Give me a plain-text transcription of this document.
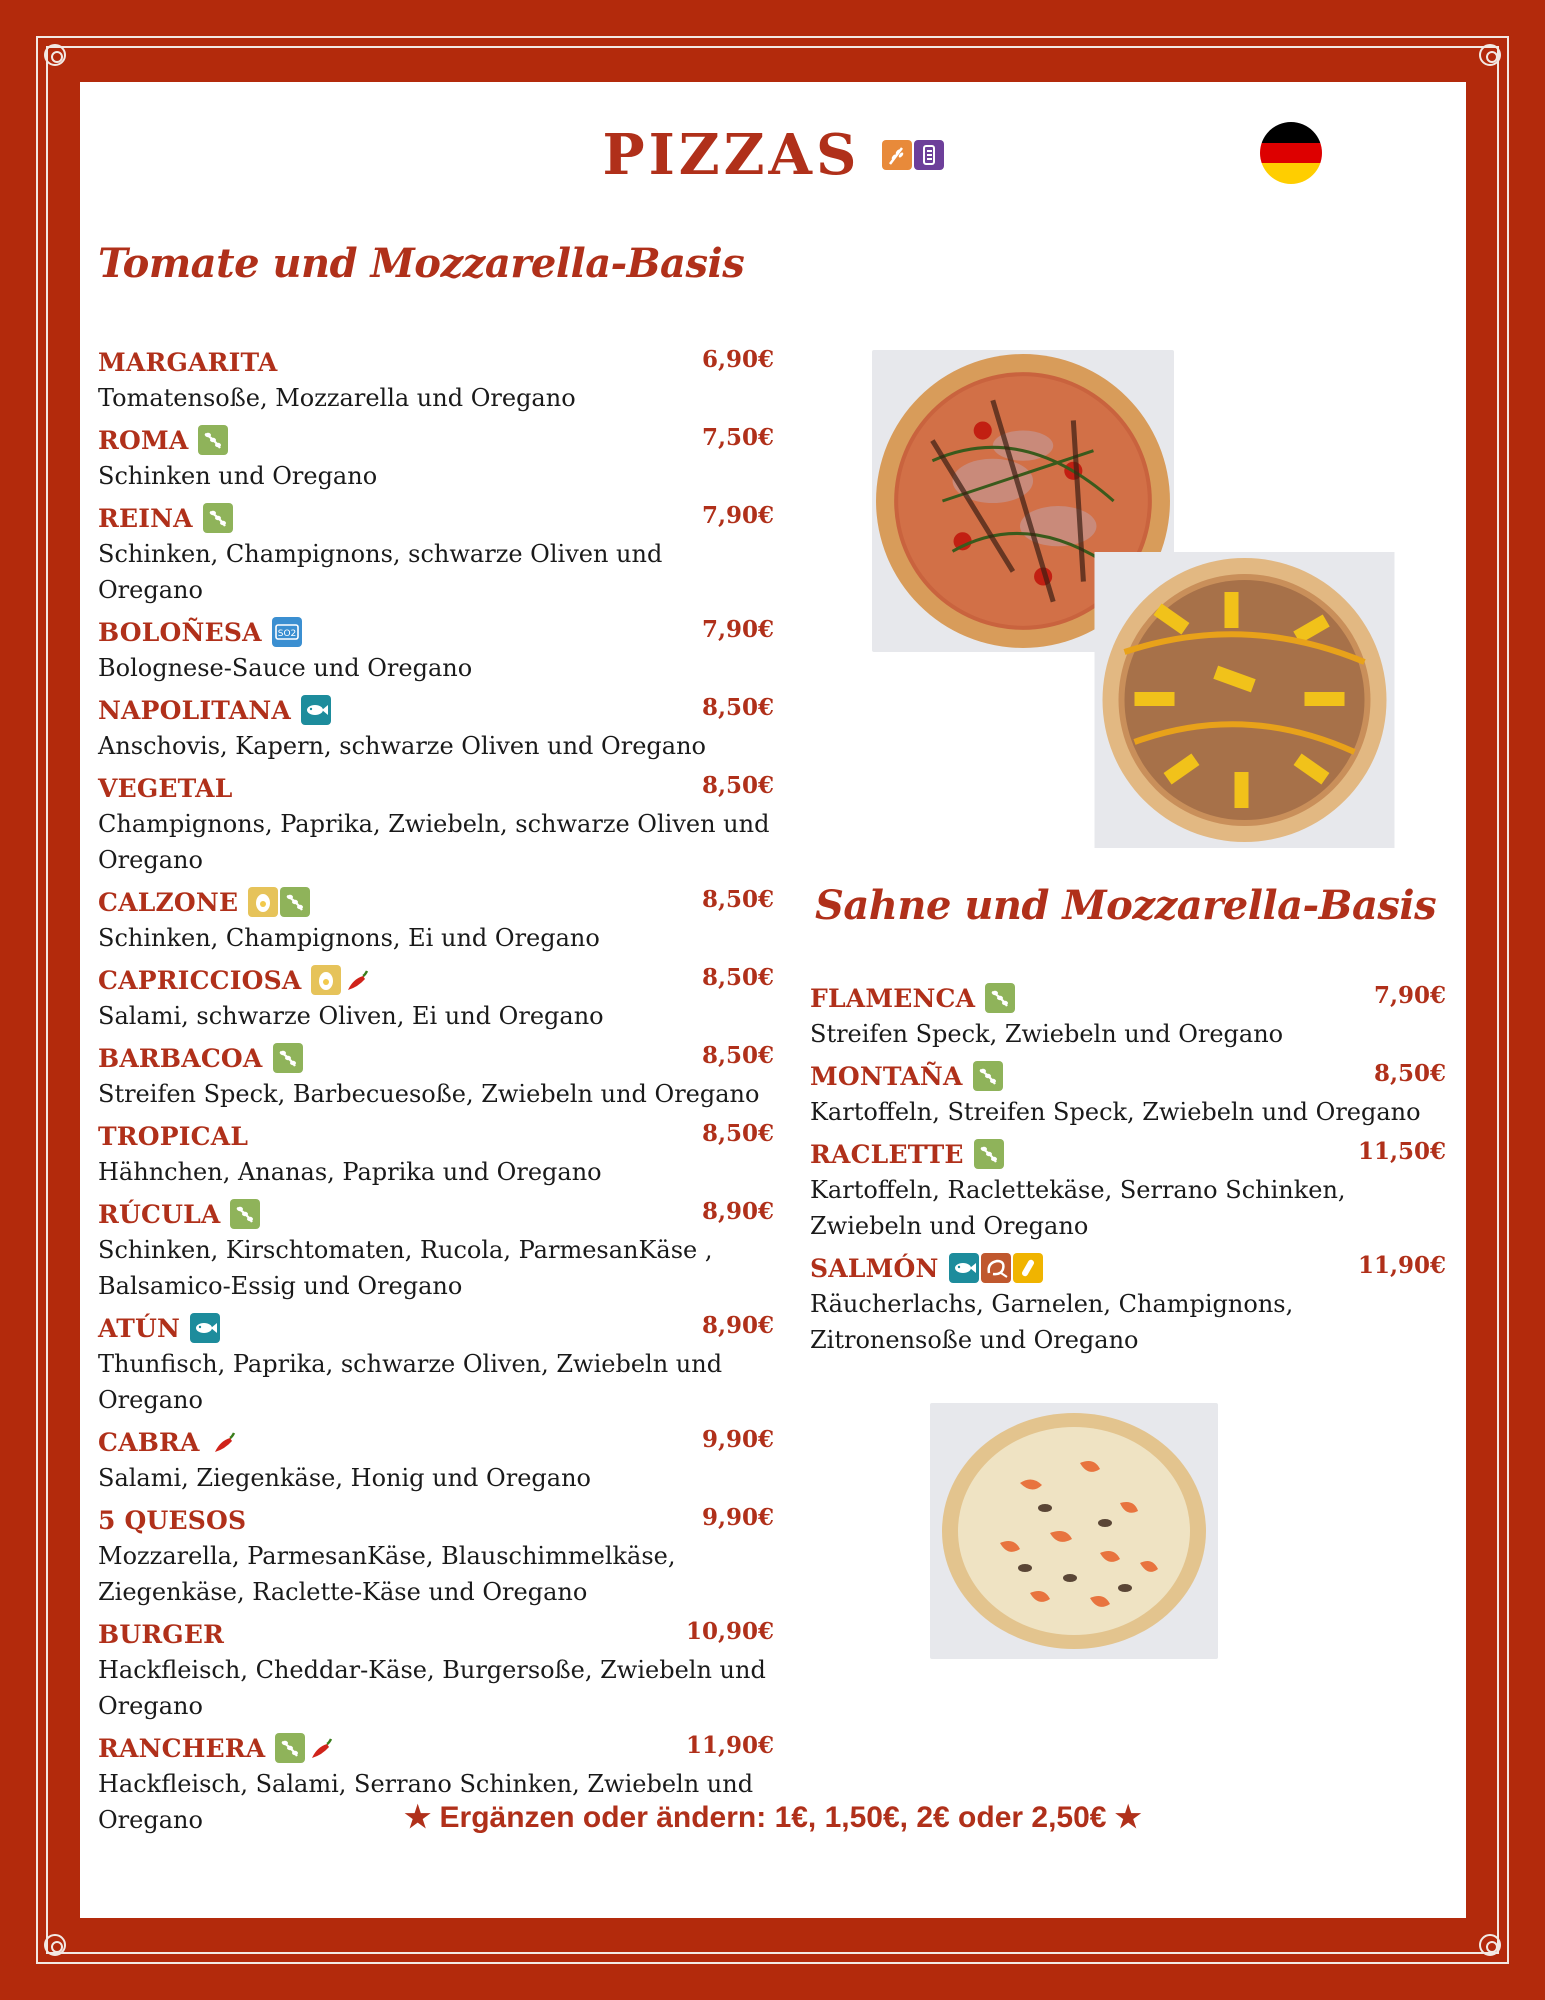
PIZZAS
Tomate und Mozzarella-Basis
MARGARITA	6,90€
Tomatensoße, Mozzarella und Oregano
ROMA	7,50€
Schinken und Oregano
REINA	7,90€
Schinken, Champignons, schwarze Oliven und Oregano
BOLOÑESA SO2	7,90€
Bolognese-Sauce und Oregano
NAPOLITANA	8,50€
Anschovis, Kapern, schwarze Oliven und Oregano
VEGETAL	8,50€
Champignons, Paprika, Zwiebeln, schwarze Oliven und Oregano
CALZONE	8,50€
Schinken, Champignons, Ei und Oregano
CAPRICCIOSA	8,50€
Salami, schwarze Oliven, Ei und Oregano
BARBACOA	8,50€
Streifen Speck, Barbecuesoße, Zwiebeln und Oregano
TROPICAL	8,50€
Hähnchen, Ananas, Paprika und Oregano
RÚCULA	8,90€
Schinken, Kirschtomaten, Rucola, ParmesanKäse , Balsamico-Essig und Oregano
ATÚN	8,90€
Thunfisch, Paprika, schwarze Oliven, Zwiebeln und Oregano
CABRA	9,90€
Salami, Ziegenkäse, Honig und Oregano
5 QUESOS	9,90€
Mozzarella, ParmesanKäse, Blauschimmelkäse, Ziegenkäse, Raclette-Käse und Oregano
BURGER	10,90€
Hackfleisch, Cheddar-Käse, Burgersoße, Zwiebeln und Oregano
RANCHERA	11,90€
Hackfleisch, Salami, Serrano Schinken, Zwiebeln und Oregano
Sahne und Mozzarella-Basis
FLAMENCA	7,90€
Streifen Speck, Zwiebeln und Oregano
MONTAÑA	8,50€
Kartoffeln, Streifen Speck, Zwiebeln und Oregano
RACLETTE	11,50€
Kartoffeln, Raclettekäse, Serrano Schinken, Zwiebeln und Oregano
SALMÓN	11,90€
Räucherlachs, Garnelen, Champignons, Zitronensoße und Oregano
★ Ergänzen oder ändern: 1€, 1,50€, 2€ oder 2,50€ ★
